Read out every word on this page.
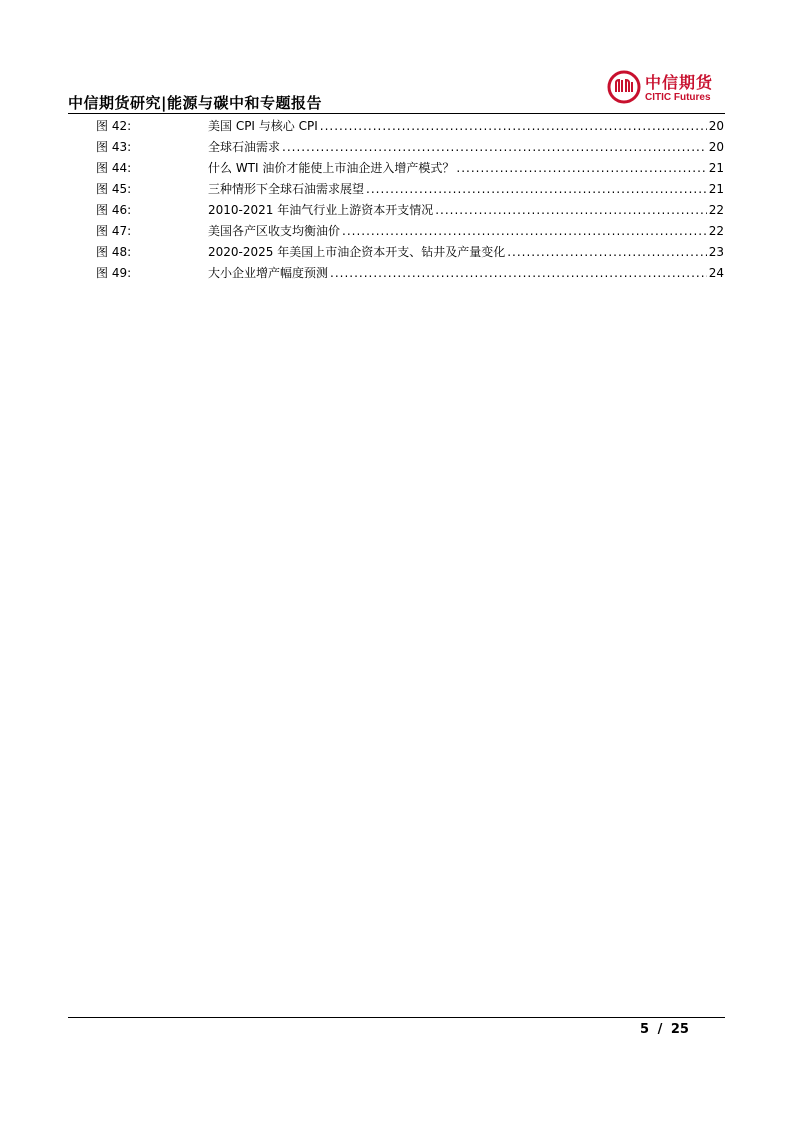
中信期货研究|能源与碳中和专题报告
中信期货
CITIC Futures
图 42:	美国 CPI 与核心 CPI .....	20
图 43:	全球石油需求 .....	20
图 44:	什么 WTI 油价才能使上市油企进入增产模式？ .....	21
图 45:	三种情形下全球石油需求展望 .....	21
图 46:	2010-2021 年油气行业上游资本开支情况 .....	22
图 47:	美国各产区收支均衡油价 .....	22
图 48:	2020-2025 年美国上市油企资本开支、钻井及产量变化 .....	23
图 49:	大小企业增产幅度预测 .....	24
5 / 25
